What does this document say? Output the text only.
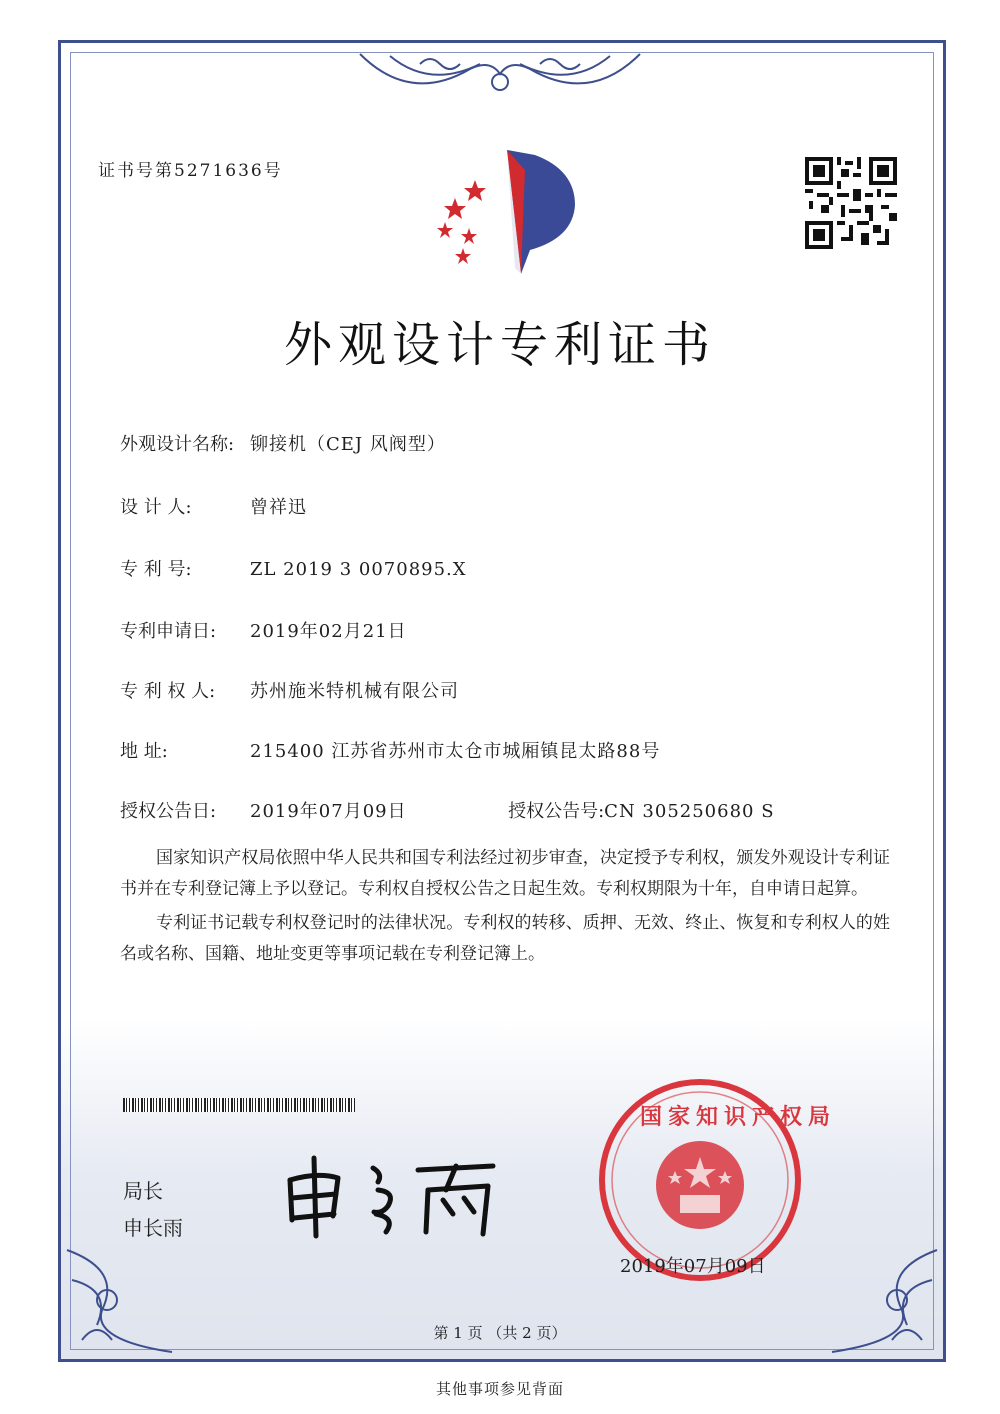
证书号第5271636号
外观设计专利证书
外观设计名称: 铆接机（CEJ 风阀型）
设 计 人:	曾祥迅
专 利 号:	ZL 2019 3 0070895.X
专利申请日: 2019年02月21日
专 利 权 人: 苏州施米特机械有限公司
地 址:	215400 江苏省苏州市太仓市城厢镇昆太路88号
授权公告日: 2019年07月09日	授权公告号:CN 305250680 S

国家知识产权局依照中华人民共和国专利法经过初步审查，决定授予专利权，颁发外观设计专利证书并在专利登记簿上予以登记。专利权自授权公告之日起生效。专利权期限为十年，自申请日起算。

专利证书记载专利权登记时的法律状况。专利权的转移、质押、无效、终止、恢复和专利权人的姓名或名称、国籍、地址变更等事项记载在专利登记簿上。

局长
申长雨
国家知识产权局
2019年07月09日
第 1 页 （共 2 页）
其他事项参见背面
